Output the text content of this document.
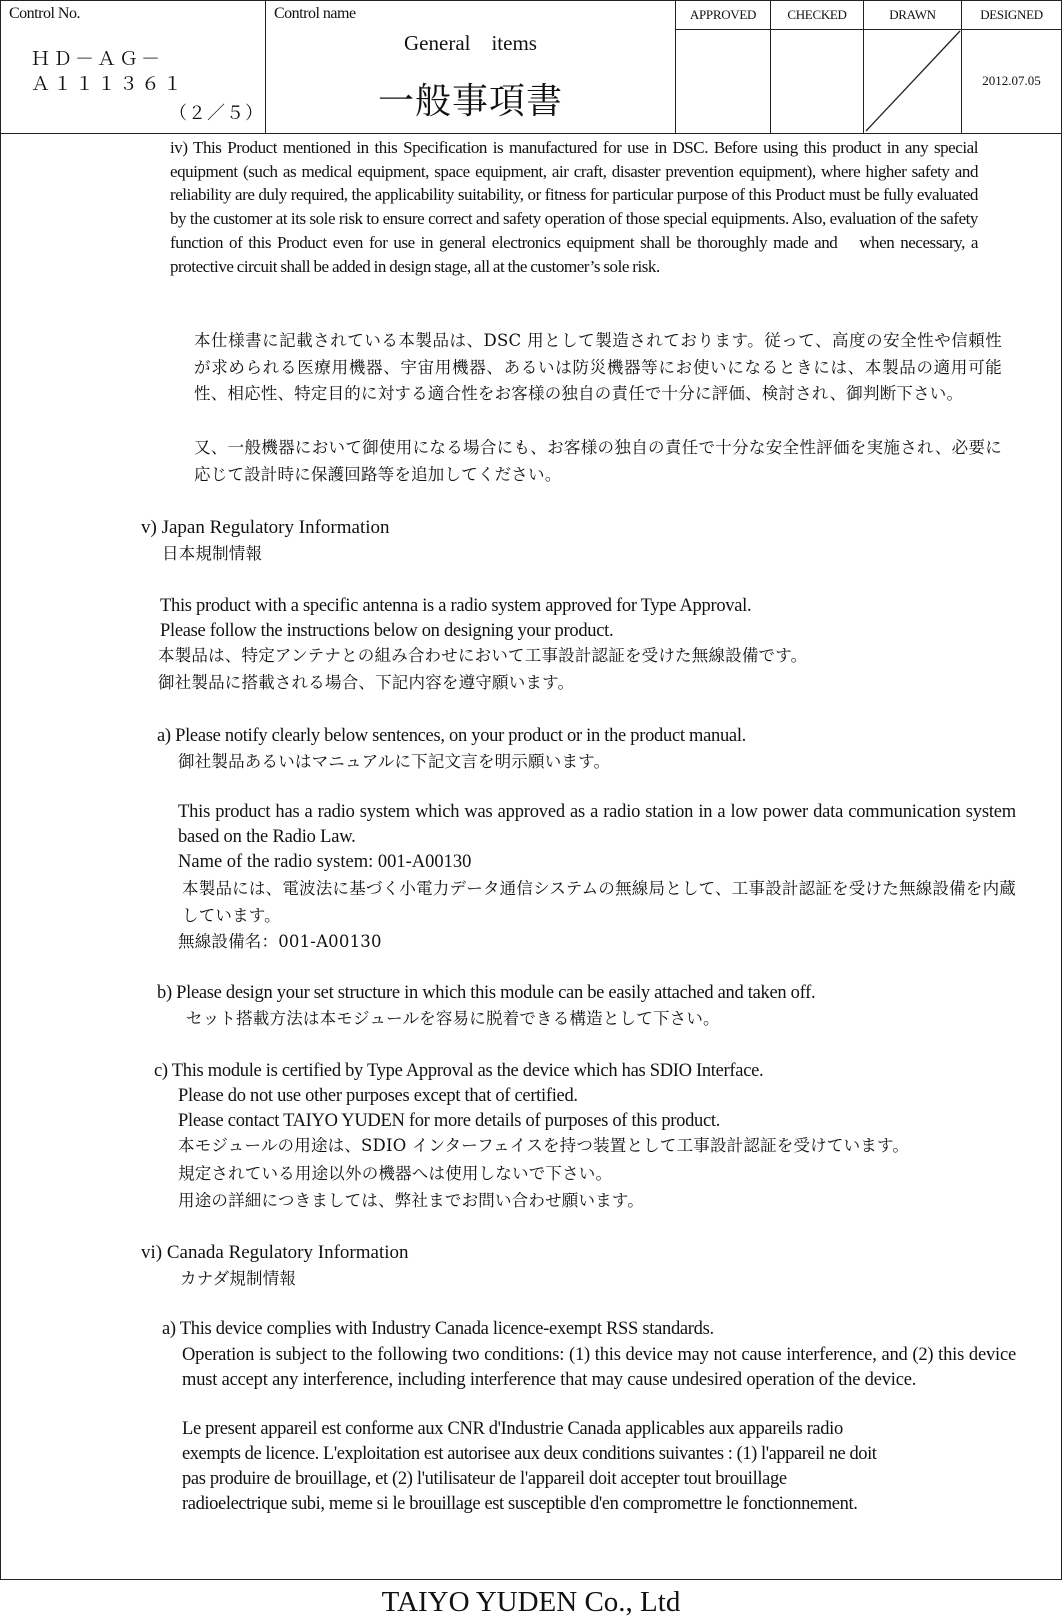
Control No.
ＨＤ－ＡＧ－
Ａ１１１３６１
（２／５）
Control name
General　items
一般事項書
APPROVED	CHECKED	DRAWN	DESIGNED
2012.07.05
iv) This Product mentioned in this Specification is manufactured for use in DSC. Before using this product in any special equipment (such as medical equipment, space equipment, air craft, disaster prevention equipment), where higher safety and reliability are duly required, the applicability suitability, or fitness for particular purpose of this Product must be fully evaluated by the customer at its sole risk to ensure correct and safety operation of those special equipments. Also, evaluation of the safety function of this Product even for use in general electronics equipment shall be thoroughly made and　when necessary, a protective circuit shall be added in design stage, all at the customer’s sole risk.
本仕様書に記載されている本製品は、DSC 用として製造されております。従って、高度の安全性や信頼性が求められる医療用機器、宇宙用機器、あるいは防災機器等にお使いになるときには、本製品の適用可能性、相応性、特定目的に対する適合性をお客様の独自の責任で十分に評価、検討され、御判断下さい。
又、一般機器において御使用になる場合にも、お客様の独自の責任で十分な安全性評価を実施され、必要に応じて設計時に保護回路等を追加してください。
v) Japan Regulatory Information
日本規制情報
This product with a specific antenna is a radio system approved for Type Approval.
Please follow the instructions below on designing your product.
本製品は、特定アンテナとの組み合わせにおいて工事設計認証を受けた無線設備です。
御社製品に搭載される場合、下記内容を遵守願います。
a) Please notify clearly below sentences, on your product or in the product manual.
御社製品あるいはマニュアルに下記文言を明示願います。
This product has a radio system which was approved as a radio station in a low power data communication system based on the Radio Law.
Name of the radio system: 001-A00130
本製品には、電波法に基づく小電力データ通信システムの無線局として、工事設計認証を受けた無線設備を内蔵しています。
無線設備名：001-A00130
b) Please design your set structure in which this module can be easily attached and taken off.
セット搭載方法は本モジュールを容易に脱着できる構造として下さい。
c) This module is certified by Type Approval as the device which has SDIO Interface.
Please do not use other purposes except that of certified.
Please contact TAIYO YUDEN for more details of purposes of this product.
本モジュールの用途は、SDIO インターフェイスを持つ装置として工事設計認証を受けています。
規定されている用途以外の機器へは使用しないで下さい。
用途の詳細につきましては、弊社までお問い合わせ願います。
vi) Canada Regulatory Information
カナダ規制情報
a) This device complies with Industry Canada licence-exempt RSS standards.
Operation is subject to the following two conditions: (1) this device may not cause interference, and (2) this device must accept any interference, including interference that may cause undesired operation of the device.
Le present appareil est conforme aux CNR d'Industrie Canada applicables aux appareils radio
exempts de licence. L'exploitation est autorisee aux deux conditions suivantes : (1) l'appareil ne doit
pas produire de brouillage, et (2) l'utilisateur de l'appareil doit accepter tout brouillage
radioelectrique subi, meme si le brouillage est susceptible d'en compromettre le fonctionnement.
TAIYO YUDEN Co., Ltd
